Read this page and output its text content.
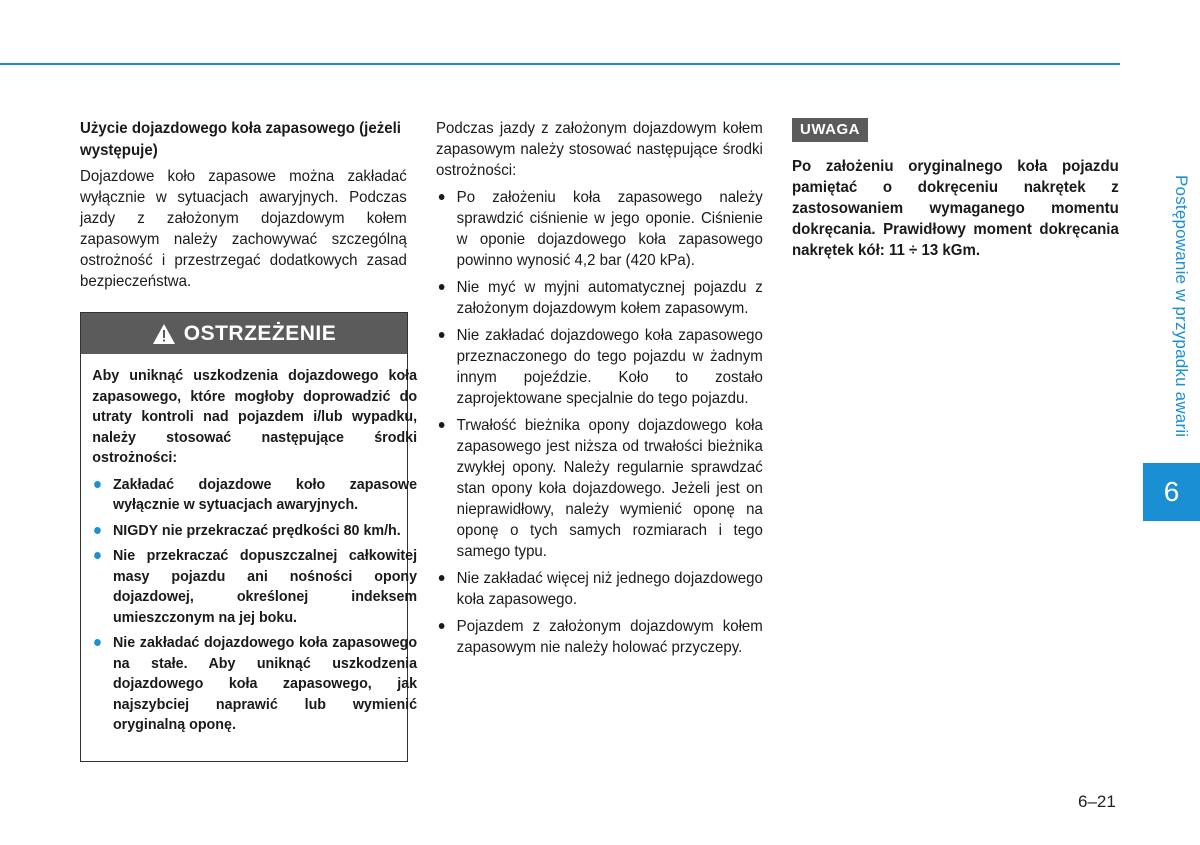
Użycie dojazdowego koła zapasowego (jeżeli występuje)

Dojazdowe koło zapasowe można zakładać wyłącznie w sytuacjach awaryjnych. Podczas jazdy z założonym dojazdowym kołem zapasowym należy zachowywać szczególną ostrożność i przestrzegać dodatkowych zasad bezpieczeństwa.

OSTRZEŻENIE

Aby uniknąć uszkodzenia dojazdowego koła zapasowego, które mogłoby doprowadzić do utraty kontroli nad pojazdem i/lub wypadku, należy stosować następujące środki ostrożności:

Zakładać dojazdowe koło zapasowe wyłącznie w sytuacjach awaryjnych.
NIGDY nie przekraczać prędkości 80 km/h.
Nie przekraczać dopuszczalnej całkowitej masy pojazdu ani nośności opony dojazdowej, określonej indeksem umieszczonym na jej boku.
Nie zakładać dojazdowego koła zapasowego na stałe. Aby uniknąć uszkodzenia dojazdowego koła zapasowego, jak najszybciej naprawić lub wymienić oryginalną oponę.

Podczas jazdy z założonym dojazdowym kołem zapasowym należy stosować następujące środki ostrożności:

Po założeniu koła zapasowego należy sprawdzić ciśnienie w jego oponie. Ciśnienie w oponie dojazdowego koła zapasowego powinno wynosić 4,2 bar (420 kPa).
Nie myć w myjni automatycznej pojazdu z założonym dojazdowym kołem zapasowym.
Nie zakładać dojazdowego koła zapasowego przeznaczonego do tego pojazdu w żadnym innym pojeździe. Koło to zostało zaprojektowane specjalnie do tego pojazdu.
Trwałość bieżnika opony dojazdowego koła zapasowego jest niższa od trwałości bieżnika zwykłej opony. Należy regularnie sprawdzać stan opony koła dojazdowego. Jeżeli jest on nieprawidłowy, należy wymienić oponę na oponę o tych samych rozmiarach i tego samego typu.
Nie zakładać więcej niż jednego dojazdowego koła zapasowego.
Pojazdem z założonym dojazdowym kołem zapasowym nie należy holować przyczepy.
UWAGA

Po założeniu oryginalnego koła pojazdu pamiętać o dokręceniu nakrętek z zastosowaniem wymaganego momentu dokręcania. Prawidłowy moment dokręcania nakrętek kół: 11 ÷ 13 kGm.	Postępowanie w przypadku awarii
6
6–21
